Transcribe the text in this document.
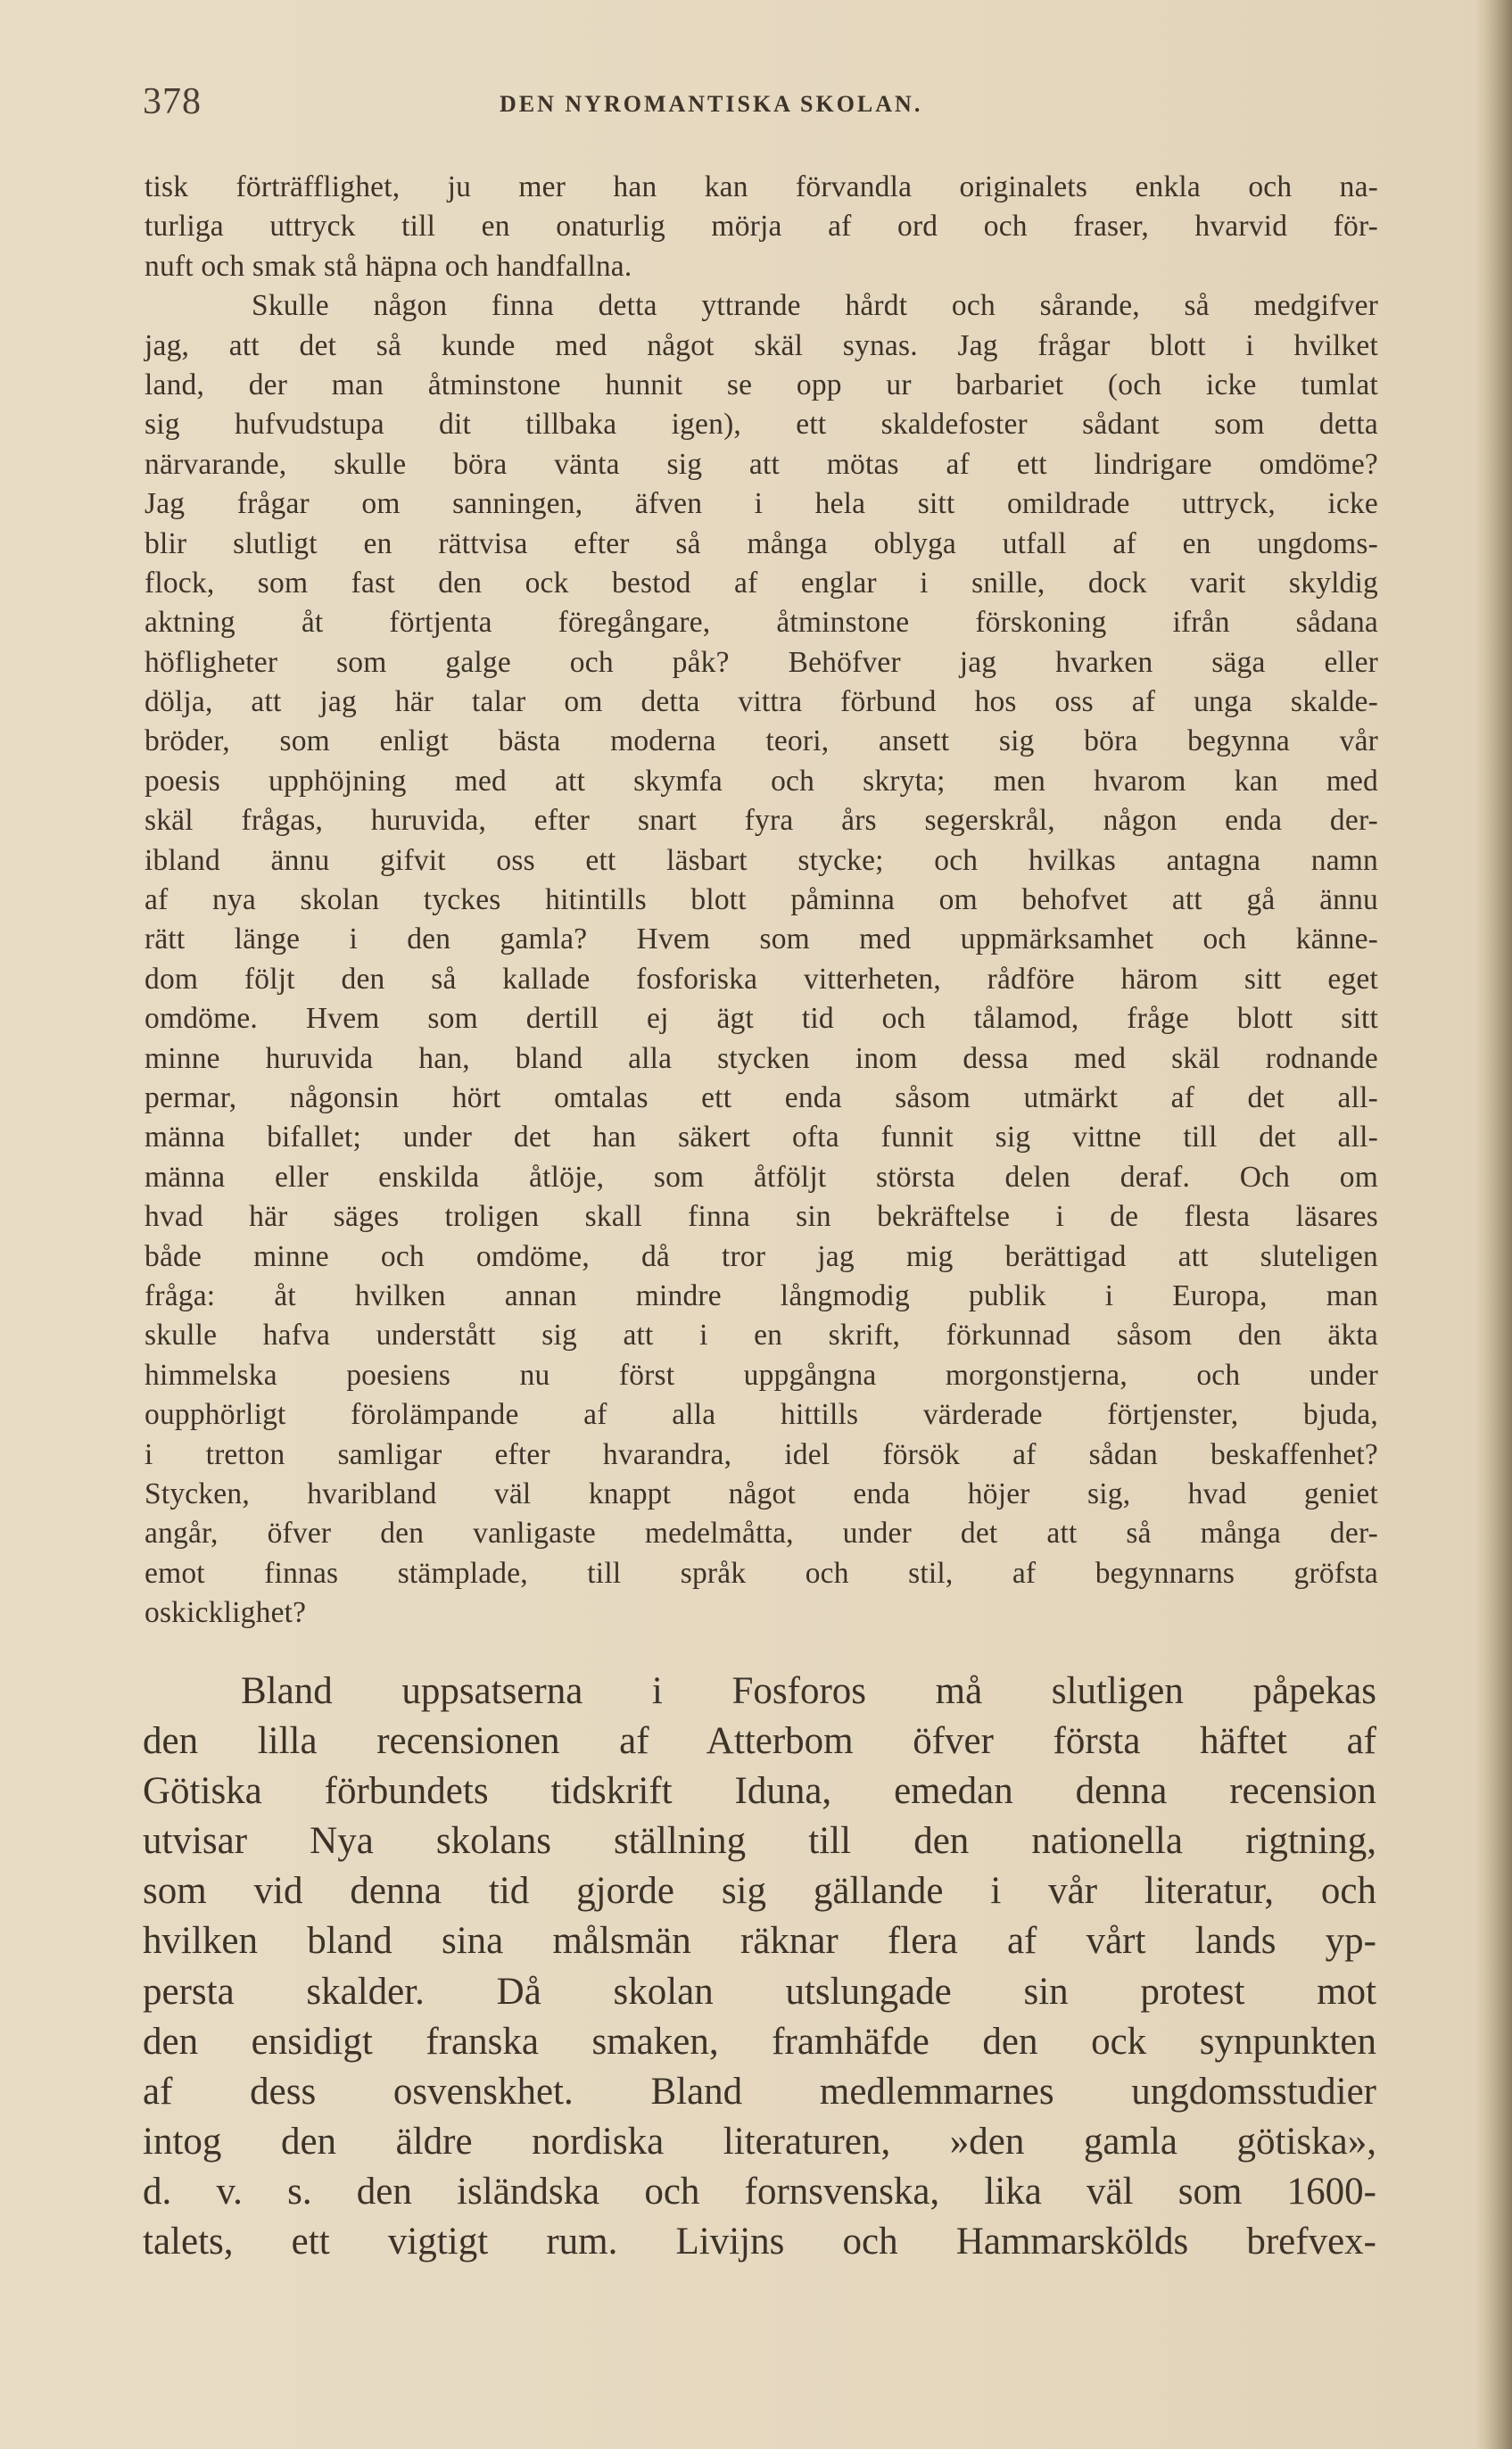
378	DEN NYROMANTISKA SKOLAN.
tisk förträfflighet, ju mer han kan förvandla originalets enkla och na-
turliga uttryck till en onaturlig mörja af ord och fraser, hvarvid för-
nuft och smak stå häpna och handfallna.
Skulle någon finna detta yttrande hårdt och sårande, så medgifver
jag, att det så kunde med något skäl synas. Jag frågar blott i hvilket
land, der man åtminstone hunnit se opp ur barbariet (och icke tumlat
sig hufvudstupa dit tillbaka igen), ett skaldefoster sådant som detta
närvarande, skulle böra vänta sig att mötas af ett lindrigare omdöme?
Jag frågar om sanningen, äfven i hela sitt omildrade uttryck, icke
blir slutligt en rättvisa efter så många oblyga utfall af en ungdoms-
flock, som fast den ock bestod af englar i snille, dock varit skyldig
aktning åt förtjenta föregångare, åtminstone förskoning ifrån sådana
höfligheter som galge och påk? Behöfver jag hvarken säga eller
dölja, att jag här talar om detta vittra förbund hos oss af unga skalde-
bröder, som enligt bästa moderna teori, ansett sig böra begynna vår
poesis upphöjning med att skymfa och skryta; men hvarom kan med
skäl frågas, huruvida, efter snart fyra års segerskrål, någon enda der-
ibland ännu gifvit oss ett läsbart stycke; och hvilkas antagna namn
af nya skolan tyckes hitintills blott påminna om behofvet att gå ännu
rätt länge i den gamla? Hvem som med uppmärksamhet och känne-
dom följt den så kallade fosforiska vitterheten, rådföre härom sitt eget
omdöme. Hvem som dertill ej ägt tid och tålamod, fråge blott sitt
minne huruvida han, bland alla stycken inom dessa med skäl rodnande
permar, någonsin hört omtalas ett enda såsom utmärkt af det all-
männa bifallet; under det han säkert ofta funnit sig vittne till det all-
männa eller enskilda åtlöje, som åtföljt största delen deraf. Och om
hvad här säges troligen skall finna sin bekräftelse i de flesta läsares
både minne och omdöme, då tror jag mig berättigad att sluteligen
fråga: åt hvilken annan mindre långmodig publik i Europa, man
skulle hafva understått sig att i en skrift, förkunnad såsom den äkta
himmelska poesiens nu först uppgångna morgonstjerna, och under
oupphörligt förolämpande af alla hittills värderade förtjenster, bjuda,
i tretton samligar efter hvarandra, idel försök af sådan beskaffenhet?
Stycken, hvaribland väl knappt något enda höjer sig, hvad geniet
angår, öfver den vanligaste medelmåtta, under det att så många der-
emot finnas stämplade, till språk och stil, af begynnarns gröfsta
oskicklighet?
Bland uppsatserna i Fosforos må slutligen påpekas
den lilla recensionen af Atterbom öfver första häftet af
Götiska förbundets tidskrift Iduna, emedan denna recension
utvisar Nya skolans ställning till den nationella rigtning,
som vid denna tid gjorde sig gällande i vår literatur, och
hvilken bland sina målsmän räknar flera af vårt lands yp-
persta skalder. Då skolan utslungade sin protest mot
den ensidigt franska smaken, framhäfde den ock synpunkten
af dess osvenskhet. Bland medlemmarnes ungdomsstudier
intog den äldre nordiska literaturen, »den gamla götiska»,
d. v. s. den isländska och fornsvenska, lika väl som 1600-
talets, ett vigtigt rum. Livijns och Hammarskölds brefvex-
